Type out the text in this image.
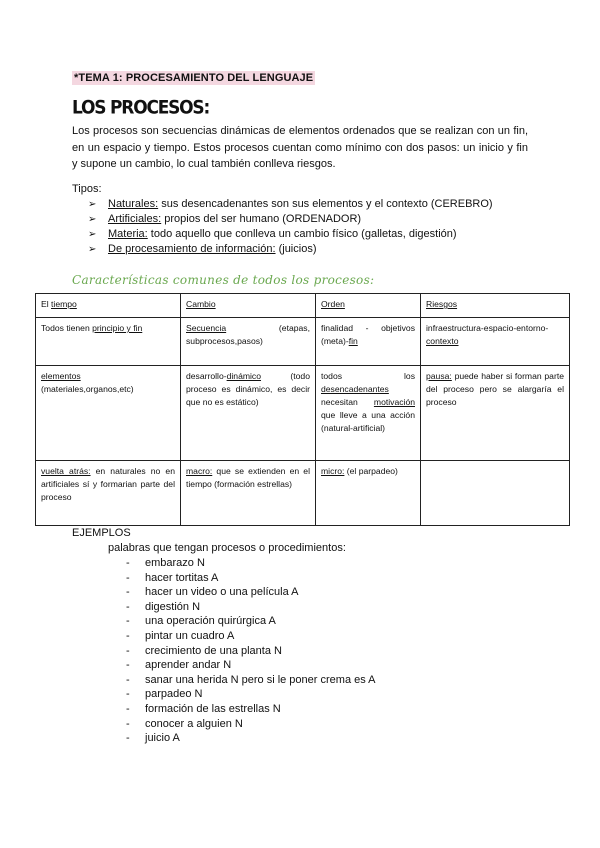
*TEMA 1: PROCESAMIENTO DEL LENGUAJE
LOS PROCESOS:
Los procesos son secuencias dinámicas de elementos ordenados que se realizan con un fin, en un espacio y tiempo. Estos procesos cuentan como mínimo con dos pasos: un inicio y fin y supone un cambio, lo cual también conlleva riesgos.
Tipos:
➢	Naturales: sus desencadenantes son sus elementos y el contexto (CEREBRO)
➢	Artificiales: propios del ser humano (ORDENADOR)
➢	Materia: todo aquello que conlleva un cambio físico (galletas, digestión)
➢	De procesamiento de información: (juicios)
Características comunes de todos los procesos:
El tiempo	Cambio	Orden	Riesgos
Todos tienen principio y fin	Secuencia (etapas, subprocesos,pasos)	finalidad - objetivos (meta)-fin	infraestructura-espacio-entorno-contexto
elementos (materiales,organos,etc)	desarrollo-dinámico (todo proceso es dinámico, es decir que no es estático)	todos los desencadenantes necesitan motivación que lleve a una acción (natural-artificial)	pausa: puede haber si forman parte del proceso pero se alargaría el proceso
vuelta atrás: en naturales no en artificiales sí y formarian parte del proceso	macro: que se extienden en el tiempo (formación estrellas)	micro: (el parpadeo)	
EJEMPLOS
palabras que tengan procesos o procedimientos:
-	embarazo N
-	hacer tortitas A
-	hacer un video o una película A
-	digestión N
-	una operación quirúrgica A
-	pintar un cuadro A
-	crecimiento de una planta N
-	aprender andar N
-	sanar una herida N pero si le poner crema es A
-	parpadeo N
-	formación de las estrellas N
-	conocer a alguien N
-	juicio A
